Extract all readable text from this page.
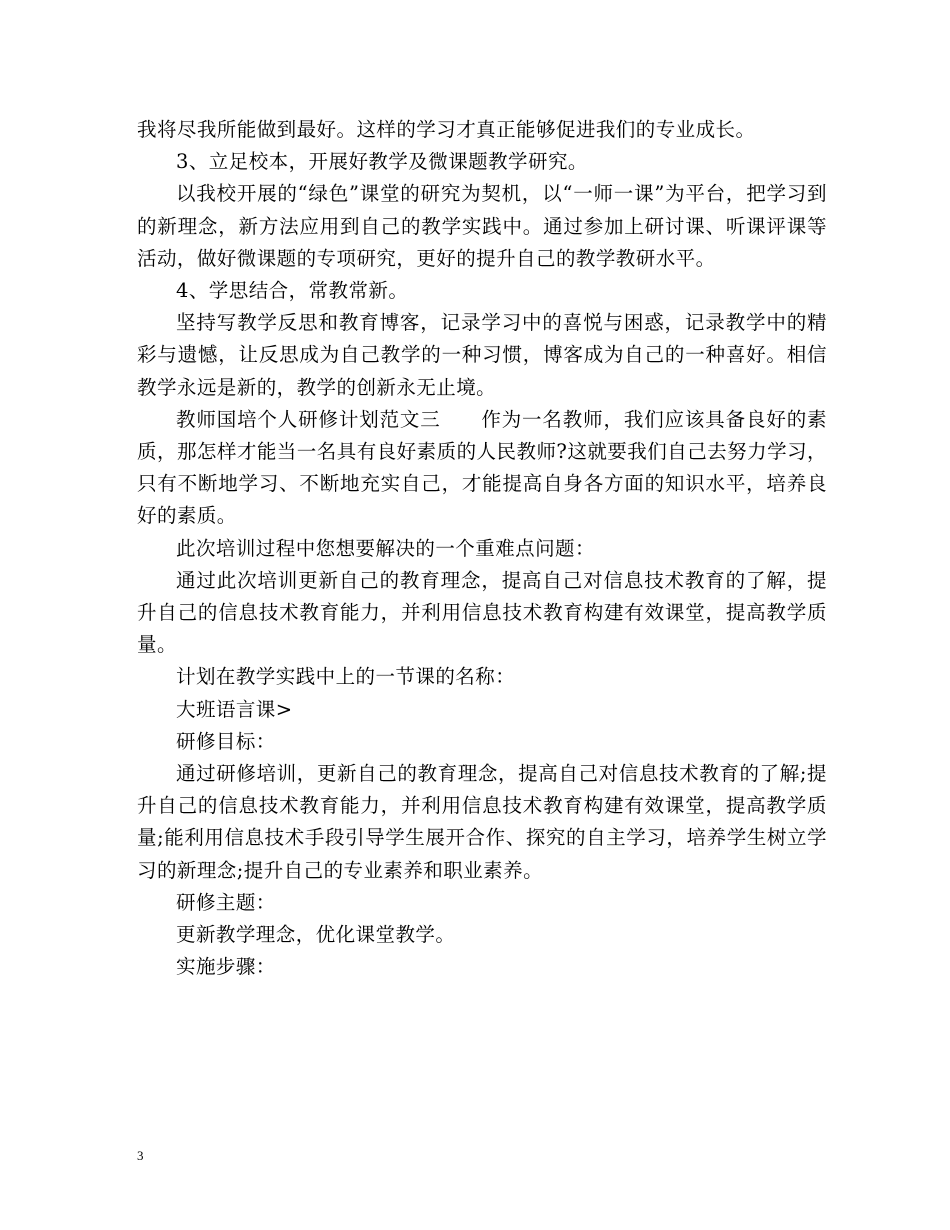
我将尽我所能做到最好。这样的学习才真正能够促进我们的专业成长。

3、立足校本，开展好教学及微课题教学研究。

以我校开展的“绿色”课堂的研究为契机，以“一师一课”为平台，把学习到的新理念，新方法应用到自己的教学实践中。通过参加上研讨课、听课评课等活动，做好微课题的专项研究，更好的提升自己的教学教研水平。

4、学思结合，常教常新。

坚持写教学反思和教育博客，记录学习中的喜悦与困惑，记录教学中的精彩与遗憾，让反思成为自己教学的一种习惯，博客成为自己的一种喜好。相信教学永远是新的，教学的创新永无止境。

教师国培个人研修计划范文三　　作为一名教师，我们应该具备良好的素质，那怎样才能当一名具有良好素质的人民教师?这就要我们自己去努力学习，只有不断地学习、不断地充实自己，才能提高自身各方面的知识水平，培养良好的素质。

此次培训过程中您想要解决的一个重难点问题：

通过此次培训更新自己的教育理念，提高自己对信息技术教育的了解，提升自己的信息技术教育能力，并利用信息技术教育构建有效课堂，提高教学质量。

计划在教学实践中上的一节课的名称：

大班语言课>

研修目标：

通过研修培训，更新自己的教育理念，提高自己对信息技术教育的了解;提升自己的信息技术教育能力，并利用信息技术教育构建有效课堂，提高教学质量;能利用信息技术手段引导学生展开合作、探究的自主学习，培养学生树立学习的新理念;提升自己的专业素养和职业素养。

研修主题：

更新教学理念，优化课堂教学。

实施步骤：

3
